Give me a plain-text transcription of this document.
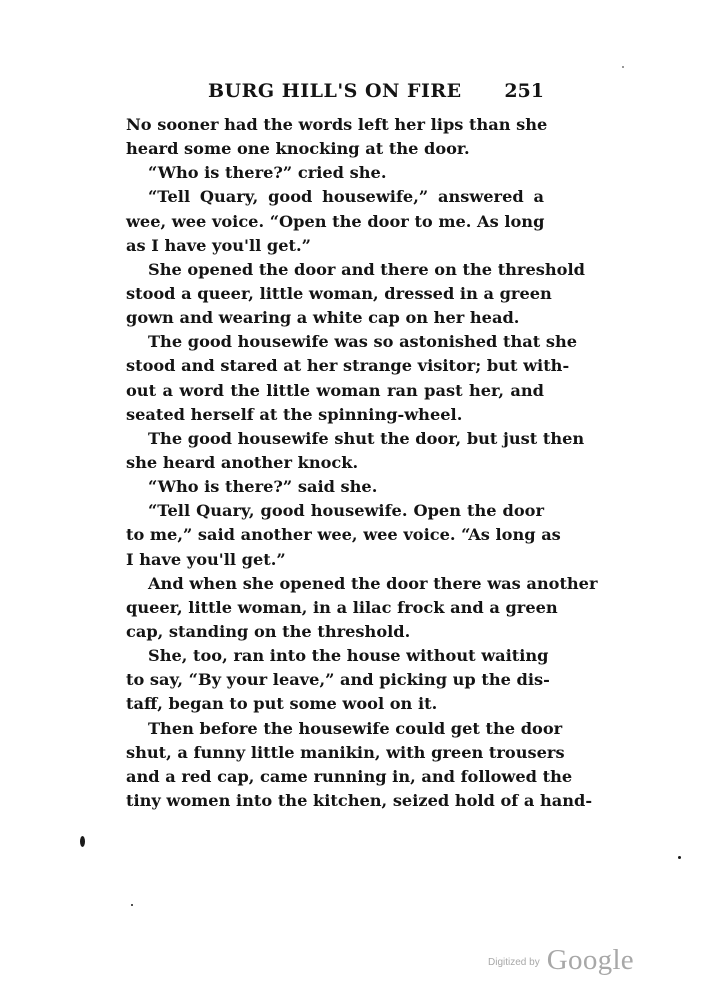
BURG HILL'S ON FIRE 251
No sooner had the words left her lips than she
heard some one knocking at the door.
“Who is there?” cried she.
“Tell Quary, good housewife,” answered a
wee, wee voice. “Open the door to me. As long
as I have you'll get.”
She opened the door and there on the threshold
stood a queer, little woman, dressed in a green
gown and wearing a white cap on her head.
The good housewife was so astonished that she
stood and stared at her strange visitor; but with-
out a word the little woman ran past her, and
seated herself at the spinning-wheel.
The good housewife shut the door, but just then
she heard another knock.
“Who is there?” said she.
“Tell Quary, good housewife. Open the door
to me,” said another wee, wee voice. “As long as
I have you'll get.”
And when she opened the door there was another
queer, little woman, in a lilac frock and a green
cap, standing on the threshold.
She, too, ran into the house without waiting
to say, “By your leave,” and picking up the dis-
taff, began to put some wool on it.
Then before the housewife could get the door
shut, a funny little manikin, with green trousers
and a red cap, came running in, and followed the
tiny women into the kitchen, seized hold of a hand-
$^{Digitized by}$ Google
